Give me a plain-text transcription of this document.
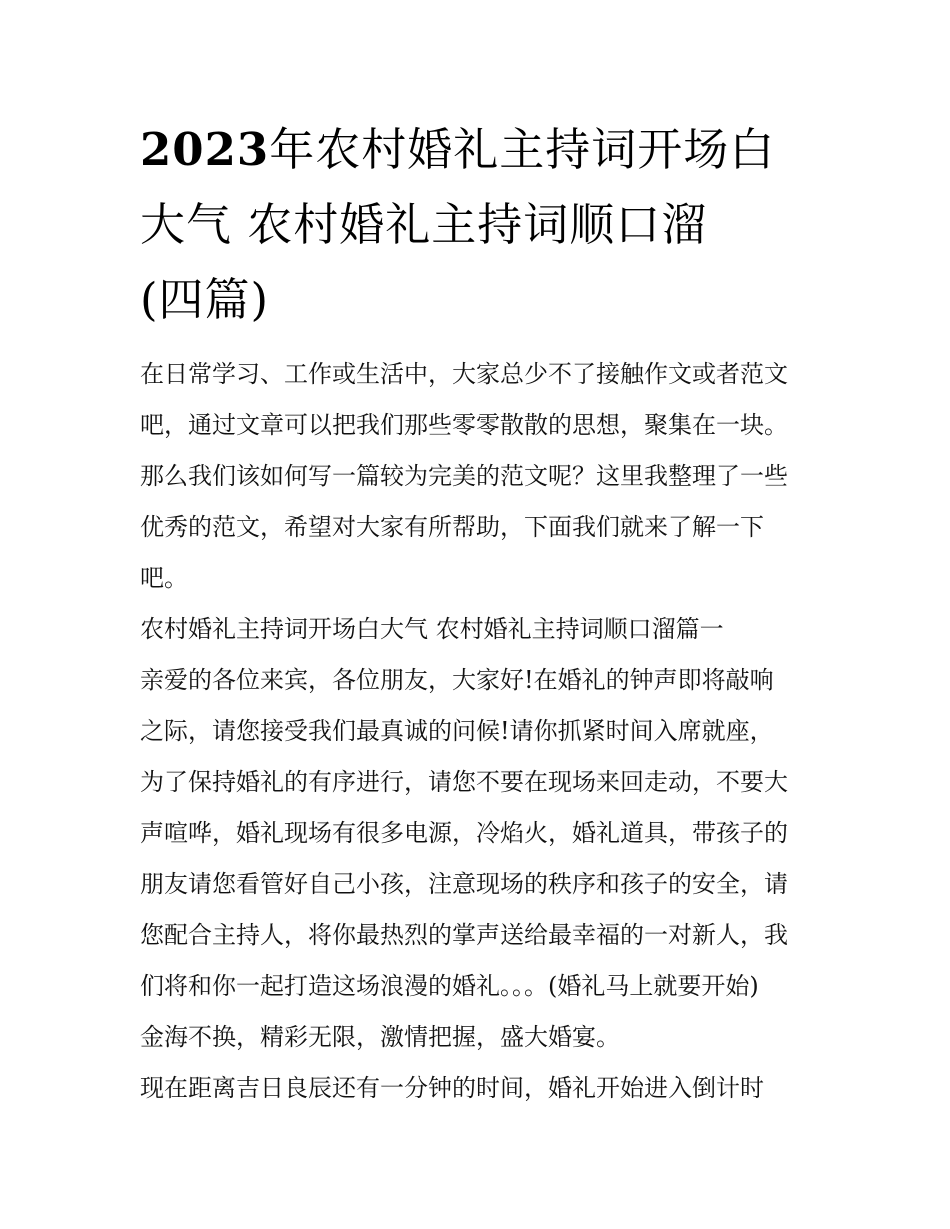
2023年农村婚礼主持词开场白
大气 农村婚礼主持词顺口溜
(四篇)
在日常学习、工作或生活中，大家总少不了接触作文或者范文
吧，通过文章可以把我们那些零零散散的思想，聚集在一块。
那么我们该如何写一篇较为完美的范文呢？这里我整理了一些
优秀的范文，希望对大家有所帮助，下面我们就来了解一下
吧。
农村婚礼主持词开场白大气 农村婚礼主持词顺口溜篇一
亲爱的各位来宾，各位朋友，大家好!在婚礼的钟声即将敲响
之际，请您接受我们最真诚的问候!请你抓紧时间入席就座，
为了保持婚礼的有序进行，请您不要在现场来回走动，不要大
声喧哗，婚礼现场有很多电源，冷焰火，婚礼道具，带孩子的
朋友请您看管好自己小孩，注意现场的秩序和孩子的安全，请
您配合主持人，将你最热烈的掌声送给最幸福的一对新人，我
们将和你一起打造这场浪漫的婚礼。。。(婚礼马上就要开始)
金海不换，精彩无限，激情把握，盛大婚宴。
现在距离吉日良辰还有一分钟的时间，婚礼开始进入倒计时
